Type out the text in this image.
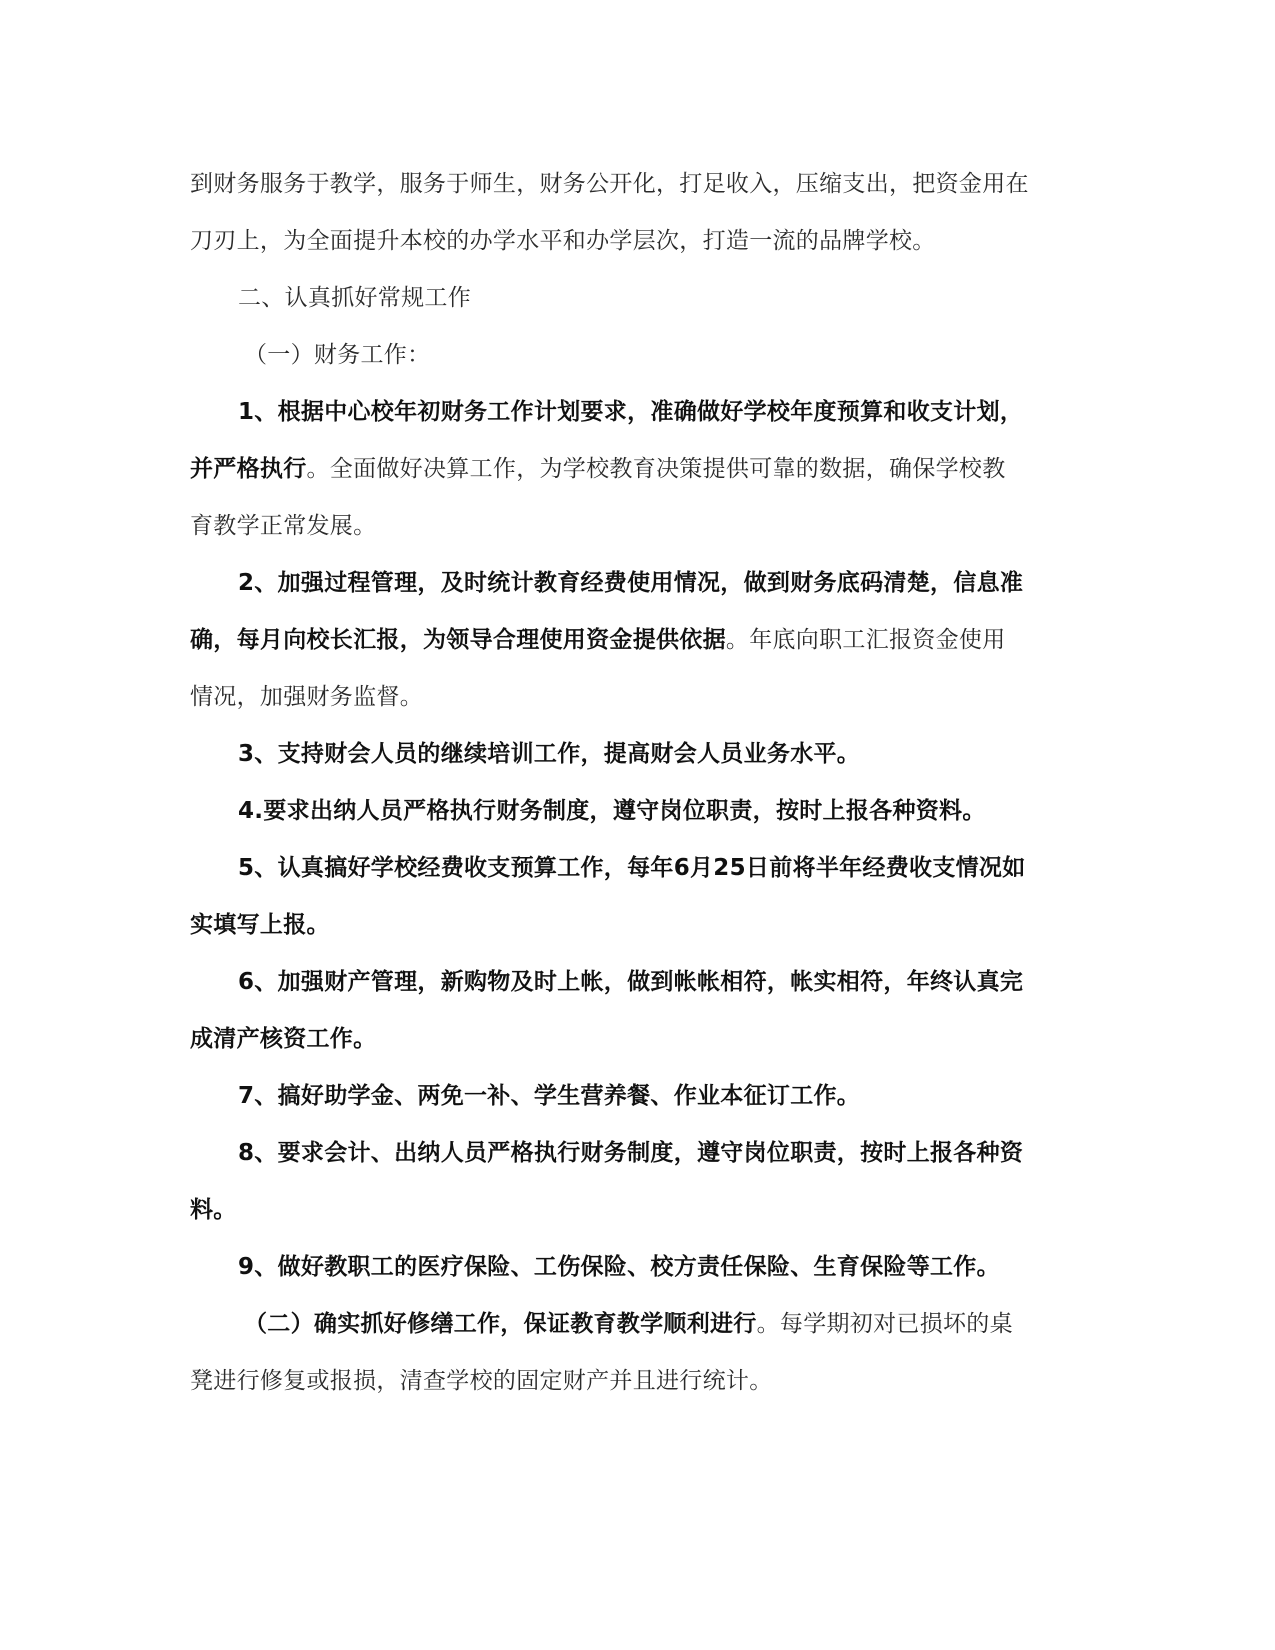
到财务服务于教学，服务于师生，财务公开化，打足收入，压缩支出，把资金用在
刀刃上，为全面提升本校的办学水平和办学层次，打造一流的品牌学校。
二、认真抓好常规工作
（一）财务工作：
1、根据中心校年初财务工作计划要求，准确做好学校年度预算和收支计划，
并严格执行。全面做好决算工作，为学校教育决策提供可靠的数据，确保学校教
育教学正常发展。
2、加强过程管理，及时统计教育经费使用情况，做到财务底码清楚，信息准
确，每月向校长汇报，为领导合理使用资金提供依据。年底向职工汇报资金使用
情况，加强财务监督。
3、支持财会人员的继续培训工作，提高财会人员业务水平。
4.要求出纳人员严格执行财务制度，遵守岗位职责，按时上报各种资料。
5、认真搞好学校经费收支预算工作，每年6月25日前将半年经费收支情况如
实填写上报。
6、加强财产管理，新购物及时上帐，做到帐帐相符，帐实相符，年终认真完
成清产核资工作。
7、搞好助学金、两免一补、学生营养餐、作业本征订工作。
8、要求会计、出纳人员严格执行财务制度，遵守岗位职责，按时上报各种资
料。
9、做好教职工的医疗保险、工伤保险、校方责任保险、生育保险等工作。
（二）确实抓好修缮工作，保证教育教学顺利进行。每学期初对已损坏的桌
凳进行修复或报损，清查学校的固定财产并且进行统计。
